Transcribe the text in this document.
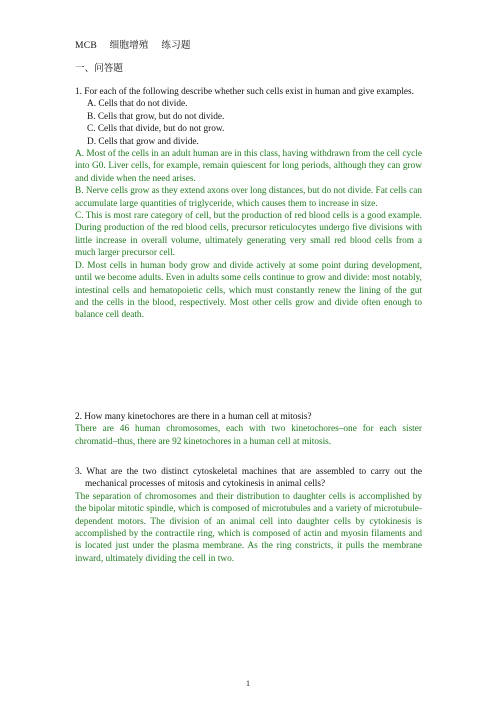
MCB 细胞增殖 练习题
一、问答题
1. For each of the following describe whether such cells exist in human and give examples.
A. Cells that do not divide.
B. Cells that grow, but do not divide.
C. Cells that divide, but do not grow.
D. Cells that grow and divide.

A. Most of the cells in an adult human are in this class, having withdrawn from the cell cycle into G0. Liver cells, for example, remain quiescent for long periods, although they can grow and divide when the need arises.

B. Nerve cells grow as they extend axons over long distances, but do not divide. Fat cells can accumulate large quantities of triglyceride, which causes them to increase in size.

C. This is most rare category of cell, but the production of red blood cells is a good example. During production of the red blood cells, precursor reticulocytes undergo five divisions with little increase in overall volume, ultimately generating very small red blood cells from a much larger precursor cell.

D. Most cells in human body grow and divide actively at some point during development, until we become adults. Even in adults some cells continue to grow and divide: most notably, intestinal cells and hematopoietic cells, which must constantly renew the lining of the gut and the cells in the blood, respectively. Most other cells grow and divide often enough to balance cell death.

2. How many kinetochores are there in a human cell at mitosis?
There are 46 human chromosomes, each with two kinetochores–one for each sister chromatid–thus, there are 92 kinetochores in a human cell at mitosis.
3. What are the two distinct cytoskeletal machines that are assembled to carry out the mechanical processes of mitosis and cytokinesis in animal cells?
The separation of chromosomes and their distribution to daughter cells is accomplished by the bipolar mitotic spindle, which is composed of microtubules and a variety of microtubule-dependent motors. The division of an animal cell into daughter cells by cytokinesis is accomplished by the contractile ring, which is composed of actin and myosin filaments and is located just under the plasma membrane. As the ring constricts, it pulls the membrane inward, ultimately dividing the cell in two.
1
